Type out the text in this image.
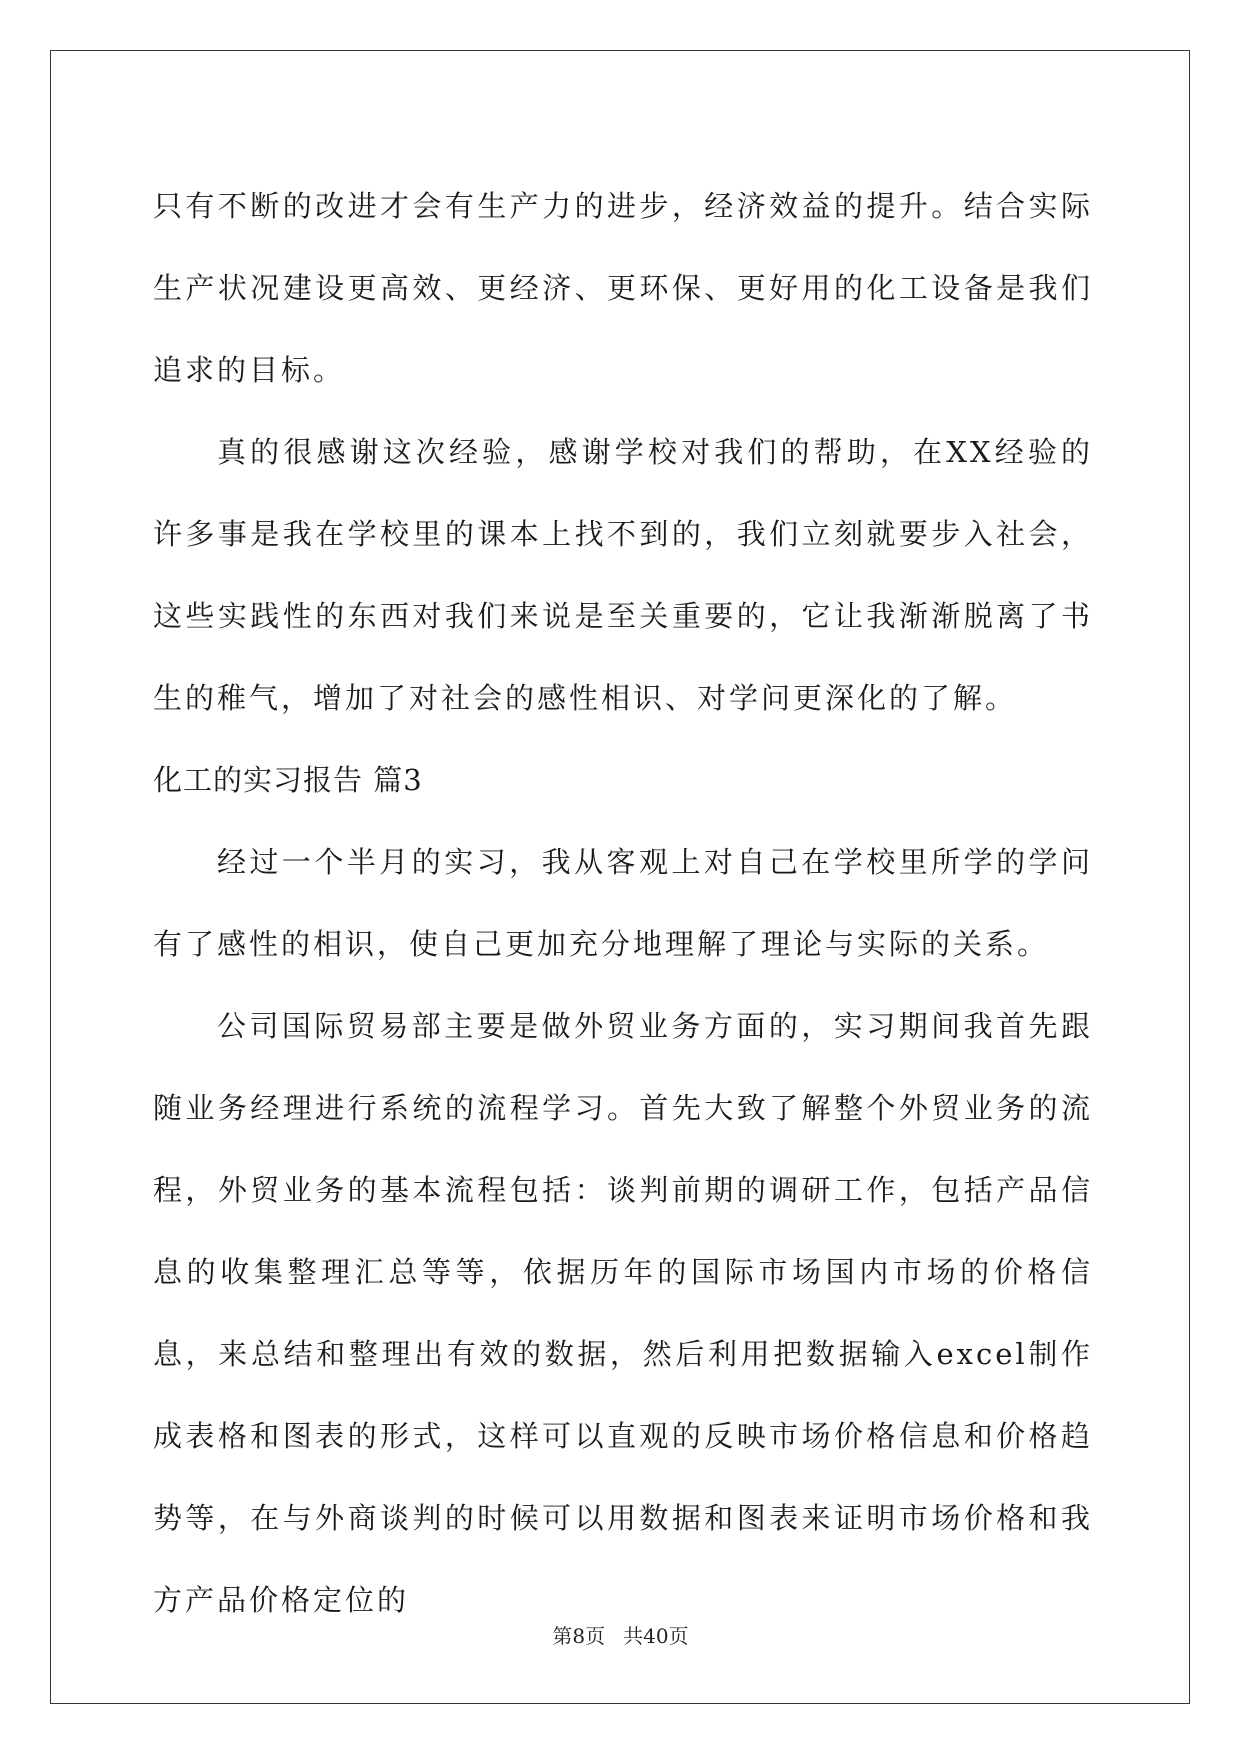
只有不断的改进才会有生产力的进步，经济效益的提升。结合实际生产状况建设更高效、更经济、更环保、更好用的化工设备是我们追求的目标。

真的很感谢这次经验，感谢学校对我们的帮助，在XX经验的许多事是我在学校里的课本上找不到的，我们立刻就要步入社会，这些实践性的东西对我们来说是至关重要的，它让我渐渐脱离了书生的稚气，增加了对社会的感性相识、对学问更深化的了解。

化工的实习报告 篇3

经过一个半月的实习，我从客观上对自己在学校里所学的学问有了感性的相识，使自己更加充分地理解了理论与实际的关系。

公司国际贸易部主要是做外贸业务方面的，实习期间我首先跟随业务经理进行系统的流程学习。首先大致了解整个外贸业务的流程，外贸业务的基本流程包括：谈判前期的调研工作，包括产品信息的收集整理汇总等等，依据历年的国际市场国内市场的价格信息，来总结和整理出有效的数据，然后利用把数据输入excel制作成表格和图表的形式，这样可以直观的反映市场价格信息和价格趋势等，在与外商谈判的时候可以用数据和图表来证明市场价格和我方产品价格定位的

第8页 共40页
